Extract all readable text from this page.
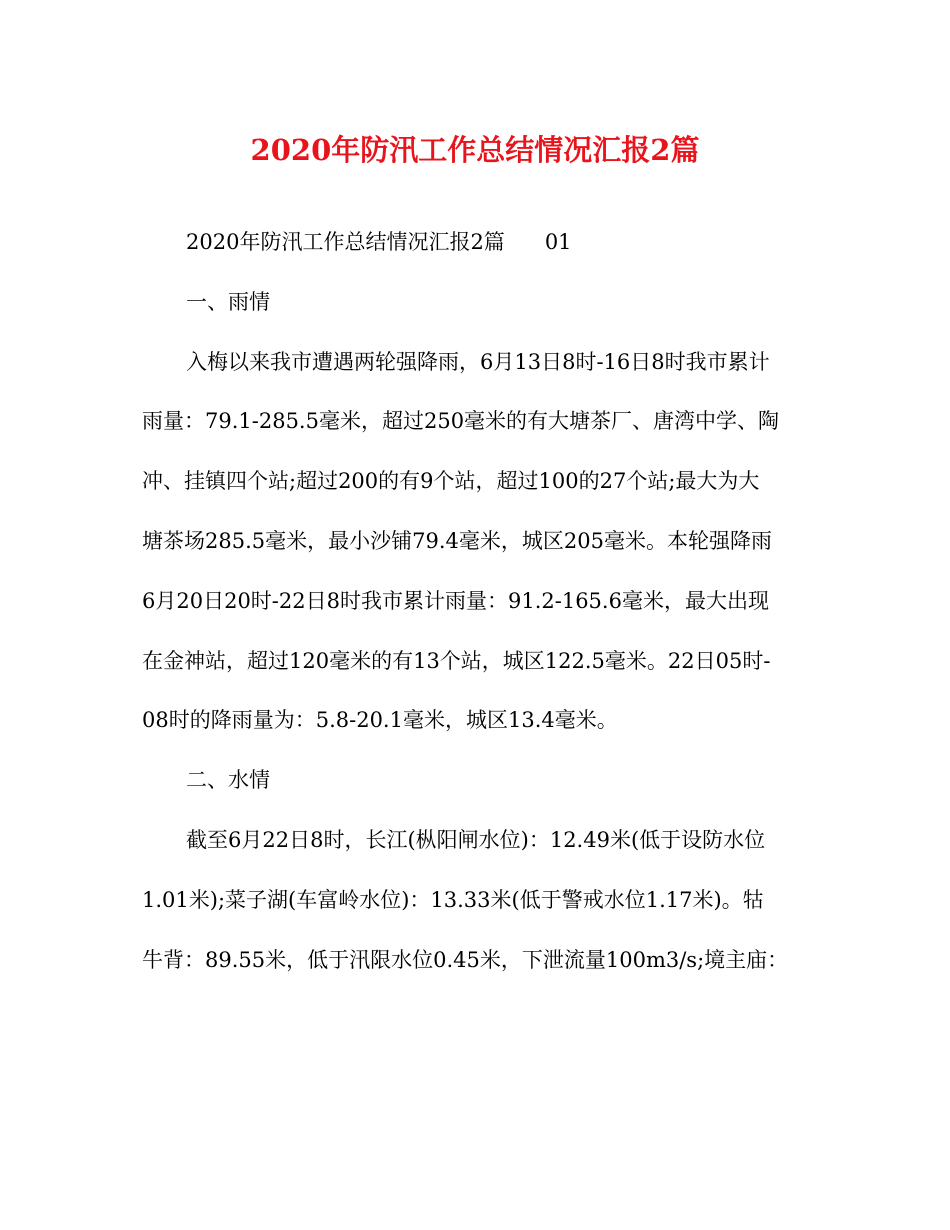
2020年防汛工作总结情况汇报2篇
2020年防汛工作总结情况汇报2篇 01
一、雨情
入梅以来我市遭遇两轮强降雨，6月13日8时-16日8时我市累计
雨量：79.1-285.5毫米，超过250毫米的有大塘茶厂、唐湾中学、陶
冲、挂镇四个站;超过200的有9个站，超过100的27个站;最大为大
塘茶场285.5毫米，最小沙铺79.4毫米，城区205毫米。本轮强降雨
6月20日20时-22日8时我市累计雨量：91.2-165.6毫米，最大出现
在金神站，超过120毫米的有13个站，城区122.5毫米。22日05时-
08时的降雨量为：5.8-20.1毫米，城区13.4毫米。
二、水情
截至6月22日8时，长江(枞阳闸水位)：12.49米(低于设防水位
1.01米);菜子湖(车富岭水位)：13.33米(低于警戒水位1.17米)。牯
牛背：89.55米，低于汛限水位0.45米，下泄流量100m3/s;境主庙：
